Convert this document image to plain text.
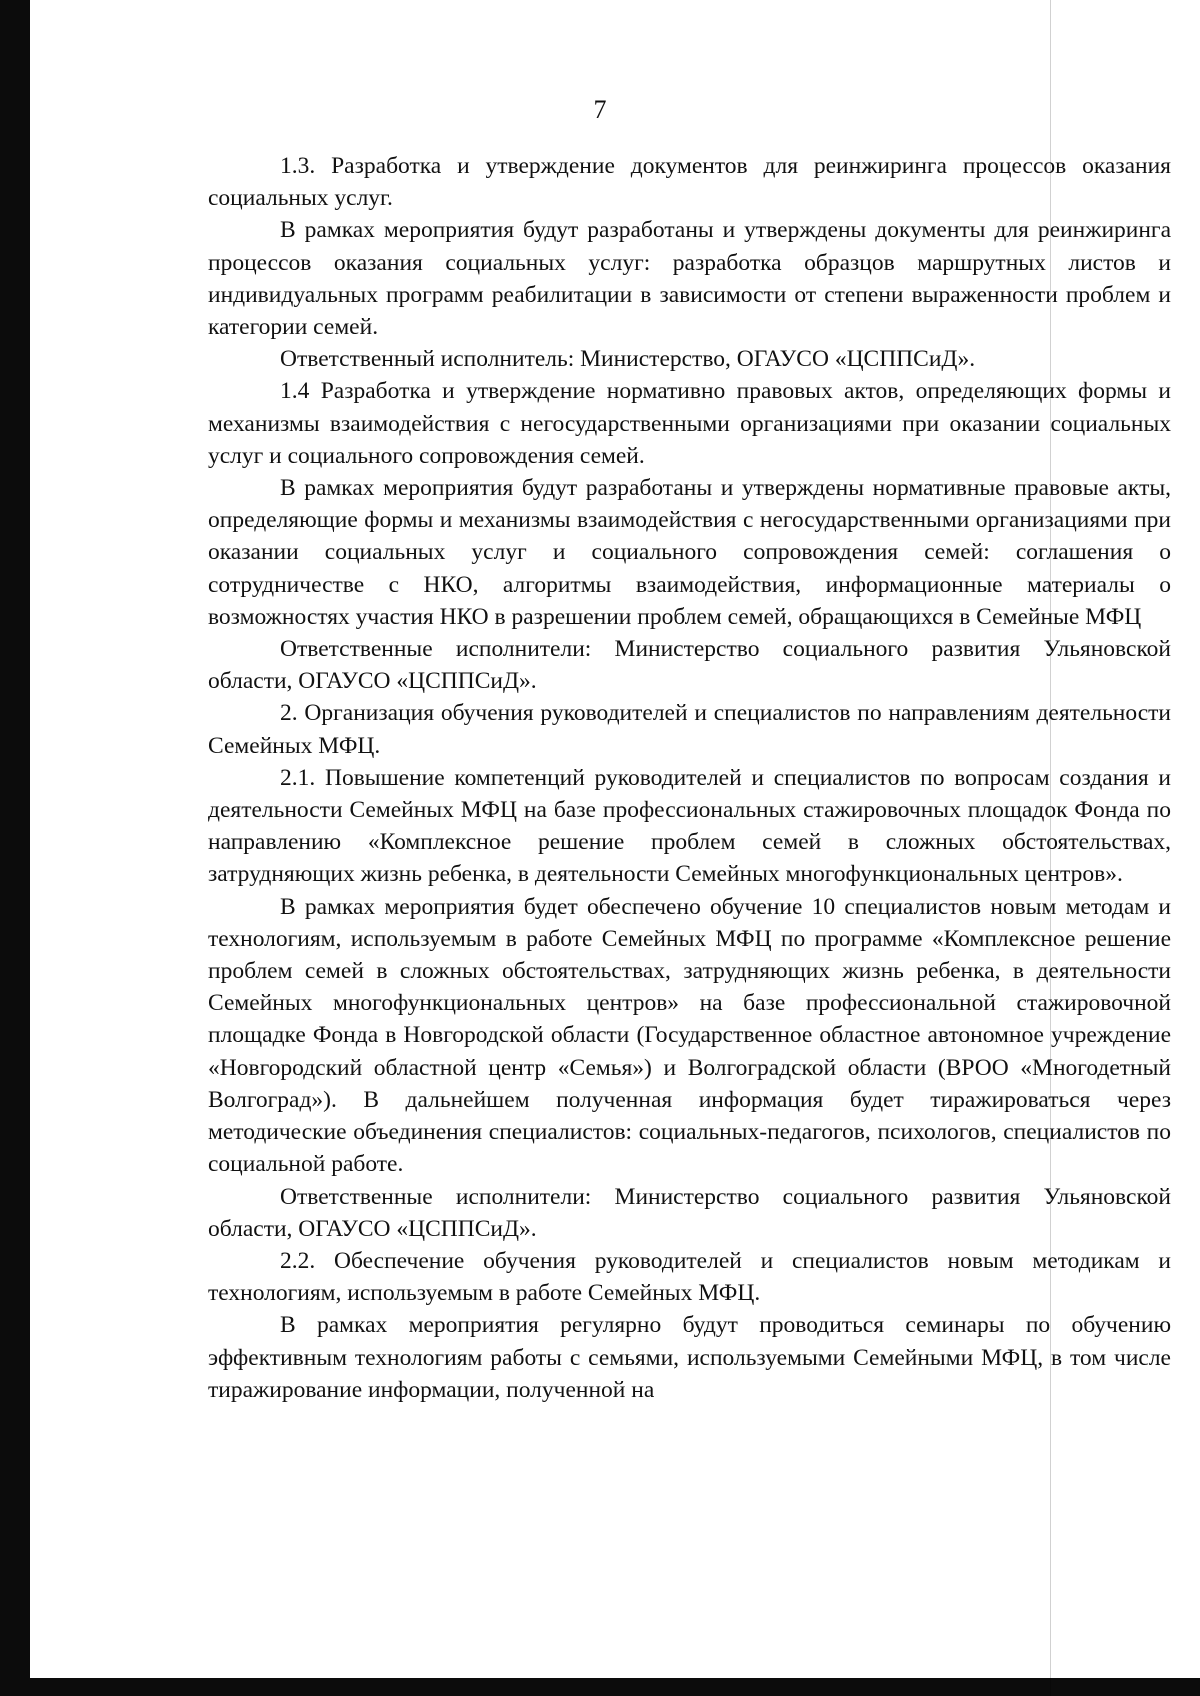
7

1.3. Разработка и утверждение документов для реинжиринга процессов оказания социальных услуг.

В рамках мероприятия будут разработаны и утверждены документы для реинжиринга процессов оказания социальных услуг: разработка образцов маршрутных листов и индивидуальных программ реабилитации в зависимости от степени выраженности проблем и категории семей.

Ответственный исполнитель: Министерство, ОГАУСО «ЦСППСиД».

1.4 Разработка и утверждение нормативно правовых актов, определяющих формы и механизмы взаимодействия с негосударственными организациями при оказании социальных услуг и социального сопровождения семей.

В рамках мероприятия будут разработаны и утверждены нормативные правовые акты, определяющие формы и механизмы взаимодействия с негосударственными организациями при оказании социальных услуг и социального сопровождения семей: соглашения о сотрудничестве с НКО, алгоритмы взаимодействия, информационные материалы о возможностях участия НКО в разрешении проблем семей, обращающихся в Семейные МФЦ

Ответственные исполнители: Министерство социального развития Ульяновской области, ОГАУСО «ЦСППСиД».

2. Организация обучения руководителей и специалистов по направлениям деятельности Семейных МФЦ.

2.1. Повышение компетенций руководителей и специалистов по вопросам создания и деятельности Семейных МФЦ на базе профессиональных стажировочных площадок Фонда по направлению «Комплексное решение проблем семей в сложных обстоятельствах, затрудняющих жизнь ребенка, в деятельности Семейных многофункциональных центров».

В рамках мероприятия будет обеспечено обучение 10 специалистов новым методам и технологиям, используемым в работе Семейных МФЦ по программе «Комплексное решение проблем семей в сложных обстоятельствах, затрудняющих жизнь ребенка, в деятельности Семейных многофункциональных центров» на базе профессиональной стажировочной площадке Фонда в Новгородской области (Государственное областное автономное учреждение «Новгородский областной центр «Семья») и Волгоградской области (ВРОО «Многодетный Волгоград»). В дальнейшем полученная информация будет тиражироваться через методические объединения специалистов: социальных-педагогов, психологов, специалистов по социальной работе.

Ответственные исполнители: Министерство социального развития Ульяновской области, ОГАУСО «ЦСППСиД».

2.2. Обеспечение обучения руководителей и специалистов новым методикам и технологиям, используемым в работе Семейных МФЦ.

В рамках мероприятия регулярно будут проводиться семинары по обучению эффективным технологиям работы с семьями, используемыми Семейными МФЦ, в том числе тиражирование информации, полученной на
